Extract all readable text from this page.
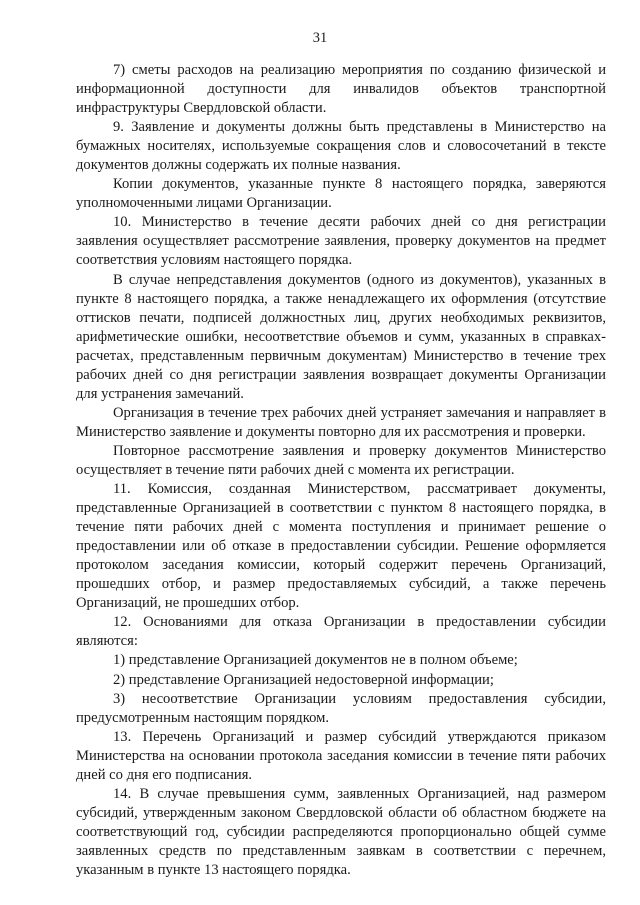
31

7) сметы расходов на реализацию мероприятия по созданию физической и информационной доступности для инвалидов объектов транспортной инфраструктуры Свердловской области.

9. Заявление и документы должны быть представлены в Министерство на бумажных носителях, используемые сокращения слов и словосочетаний в тексте документов должны содержать их полные названия.

Копии документов, указанные пункте 8 настоящего порядка, заверяются уполномоченными лицами Организации.

10. Министерство в течение десяти рабочих дней со дня регистрации заявления осуществляет рассмотрение заявления, проверку документов на предмет соответствия условиям настоящего порядка.

В случае непредставления документов (одного из документов), указанных в пункте 8 настоящего порядка, а также ненадлежащего их оформления (отсутствие оттисков печати, подписей должностных лиц, других необходимых реквизитов, арифметические ошибки, несоответствие объемов и сумм, указанных в справках-расчетах, представленным первичным документам) Министерство в течение трех рабочих дней со дня регистрации заявления возвращает документы Организации для устранения замечаний.

Организация в течение трех рабочих дней устраняет замечания и направляет в Министерство заявление и документы повторно для их рассмотрения и проверки.

Повторное рассмотрение заявления и проверку документов Министерство осуществляет в течение пяти рабочих дней с момента их регистрации.

11. Комиссия, созданная Министерством, рассматривает документы, представленные Организацией в соответствии с пунктом 8 настоящего порядка, в течение пяти рабочих дней с момента поступления и принимает решение о предоставлении или об отказе в предоставлении субсидии. Решение оформляется протоколом заседания комиссии, который содержит перечень Организаций, прошедших отбор, и размер предоставляемых субсидий, а также перечень Организаций, не прошедших отбор.

12. Основаниями для отказа Организации в предоставлении субсидии являются:

1) представление Организацией документов не в полном объеме;

2) представление Организацией недостоверной информации;

3) несоответствие Организации условиям предоставления субсидии, предусмотренным настоящим порядком.

13. Перечень Организаций и размер субсидий утверждаются приказом Министерства на основании протокола заседания комиссии в течение пяти рабочих дней со дня его подписания.

14. В случае превышения сумм, заявленных Организацией, над размером субсидий, утвержденным законом Свердловской области об областном бюджете на соответствующий год, субсидии распределяются пропорционально общей сумме заявленных средств по представленным заявкам в соответствии с перечнем, указанным в пункте 13 настоящего порядка.
